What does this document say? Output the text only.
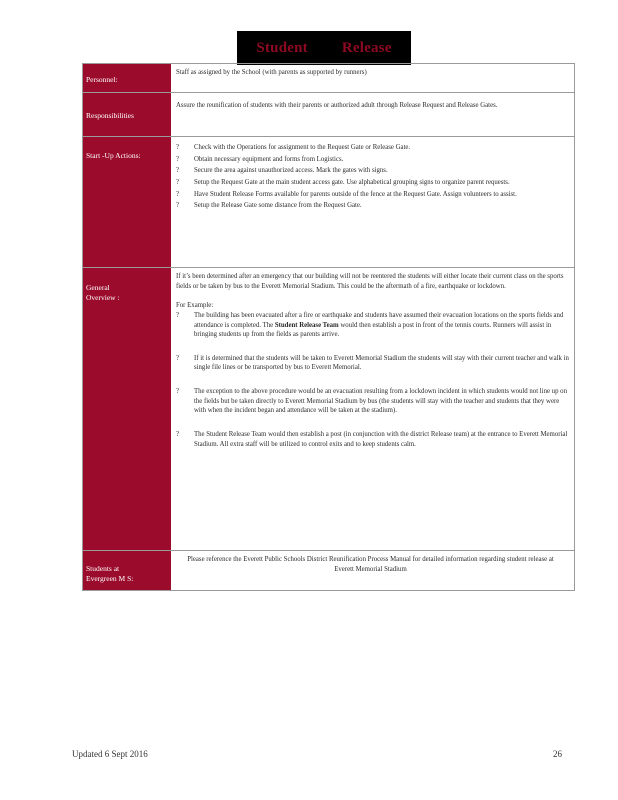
Student Release
Personnel:

Staff as assigned by the School (with parents as supported by runners)

Responsibilities

Assure the reunification of students with their parents or authorized adult through Release Request and Release Gates.

Start -Up Actions:
?	Check with the Operations for assignment to the Request Gate or Release Gate.
?	Obtain necessary equipment and forms from Logistics.
?	Secure the area against unauthorized access. Mark the gates with signs.
?	Setup the Request Gate at the main student access gate. Use alphabetical grouping signs to organize parent requests.
?	Have Student Release Forms available for parents outside of the fence at the Request Gate. Assign volunteers to assist.
?	Setup the Release Gate some distance from the Request Gate.
General
Overview :

If it’s been determined after an emergency that our building will not be reentered the students will either locate their current class on the sports fields or be taken by bus to the Everett Memorial Stadium. This could be the aftermath of a fire, earthquake or lockdown.

For Example:

?	The building has been evacuated after a fire or earthquake and students have assumed their evacuation locations on the sports fields and attendance is completed. The Student Release Team would then establish a post in front of the tennis courts. Runners will assist in bringing students up from the fields as parents arrive.
?	If it is determined that the students will be taken to Everett Memorial Stadium the students will stay with their current teacher and walk in single file lines or be transported by bus to Everett Memorial.
?	The exception to the above procedure would be an evacuation resulting from a lockdown incident in which students would not line up on the fields but be taken directly to Everett Memorial Stadium by bus (the students will stay with the teacher and students that they were with when the incident began and attendance will be taken at the stadium).
?	The Student Release Team would then establish a post (in conjunction with the district Release team) at the entrance to Everett Memorial Stadium. All extra staff will be utilized to control exits and to keep students calm.
Students at
Evergreen M S:

Please reference the Everett Public Schools District Reunification Process Manual for detailed information regarding student release at Everett Memorial Stadium

Updated 6 Sept 2016	26
